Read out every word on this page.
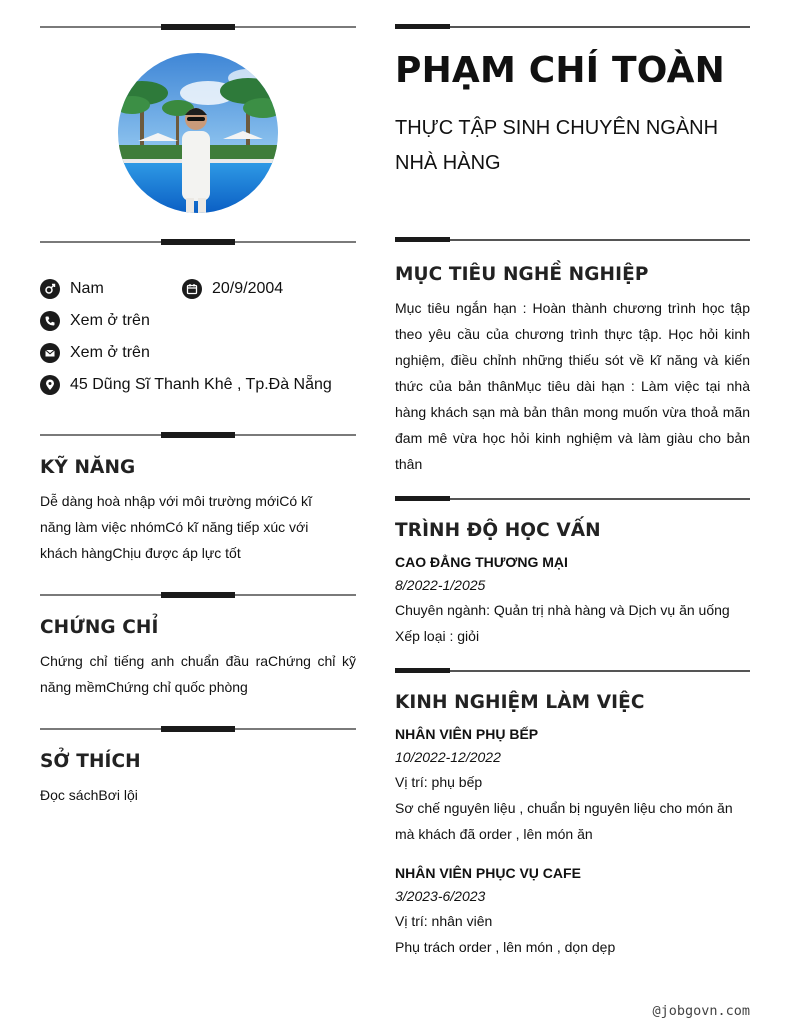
Nam	20/9/2004
Xem ở trên
Xem ở trên
45 Dũng Sĩ Thanh Khê , Tp.Đà Nẵng
KỸ NĂNG
Dễ dàng hoà nhập với môi trường mớiCó kĩ năng làm việc nhómCó kĩ năng tiếp xúc với khách hàngChịu được áp lực tốt
CHỨNG CHỈ
Chứng chỉ tiếng anh chuẩn đầu raChứng chỉ kỹ năng mềmChứng chỉ quốc phòng
SỞ THÍCH
Đọc sáchBơi lội
PHẠM CHÍ TOÀN
THỰC TẬP SINH CHUYÊN NGÀNH NHÀ HÀNG
MỤC TIÊU NGHỀ NGHIỆP
Mục tiêu ngắn hạn : Hoàn thành chương trình học tập theo yêu cầu của chương trình thực tập. Học hỏi kinh nghiệm, điều chỉnh những thiếu sót về kĩ năng và kiến thức của bản thânMục tiêu dài hạn : Làm việc tại nhà hàng khách sạn mà bản thân mong muốn vừa thoả mãn đam mê vừa học hỏi kinh nghiệm và làm giàu cho bản thân
TRÌNH ĐỘ HỌC VẤN
CAO ĐẲNG THƯƠNG MẠI
8/2022-1/2025
Chuyên ngành: Quản trị nhà hàng và Dịch vụ ăn uống
Xếp loại : giỏi
KINH NGHIỆM LÀM VIỆC
NHÂN VIÊN PHỤ BẾP
10/2022-12/2022
Vị trí: phụ bếp
Sơ chế nguyên liệu , chuẩn bị nguyên liệu cho món ăn mà khách đã order , lên món ăn
NHÂN VIÊN PHỤC VỤ CAFE
3/2023-6/2023
Vị trí: nhân viên
Phụ trách order , lên món , dọn dẹp
@jobgovn.com
